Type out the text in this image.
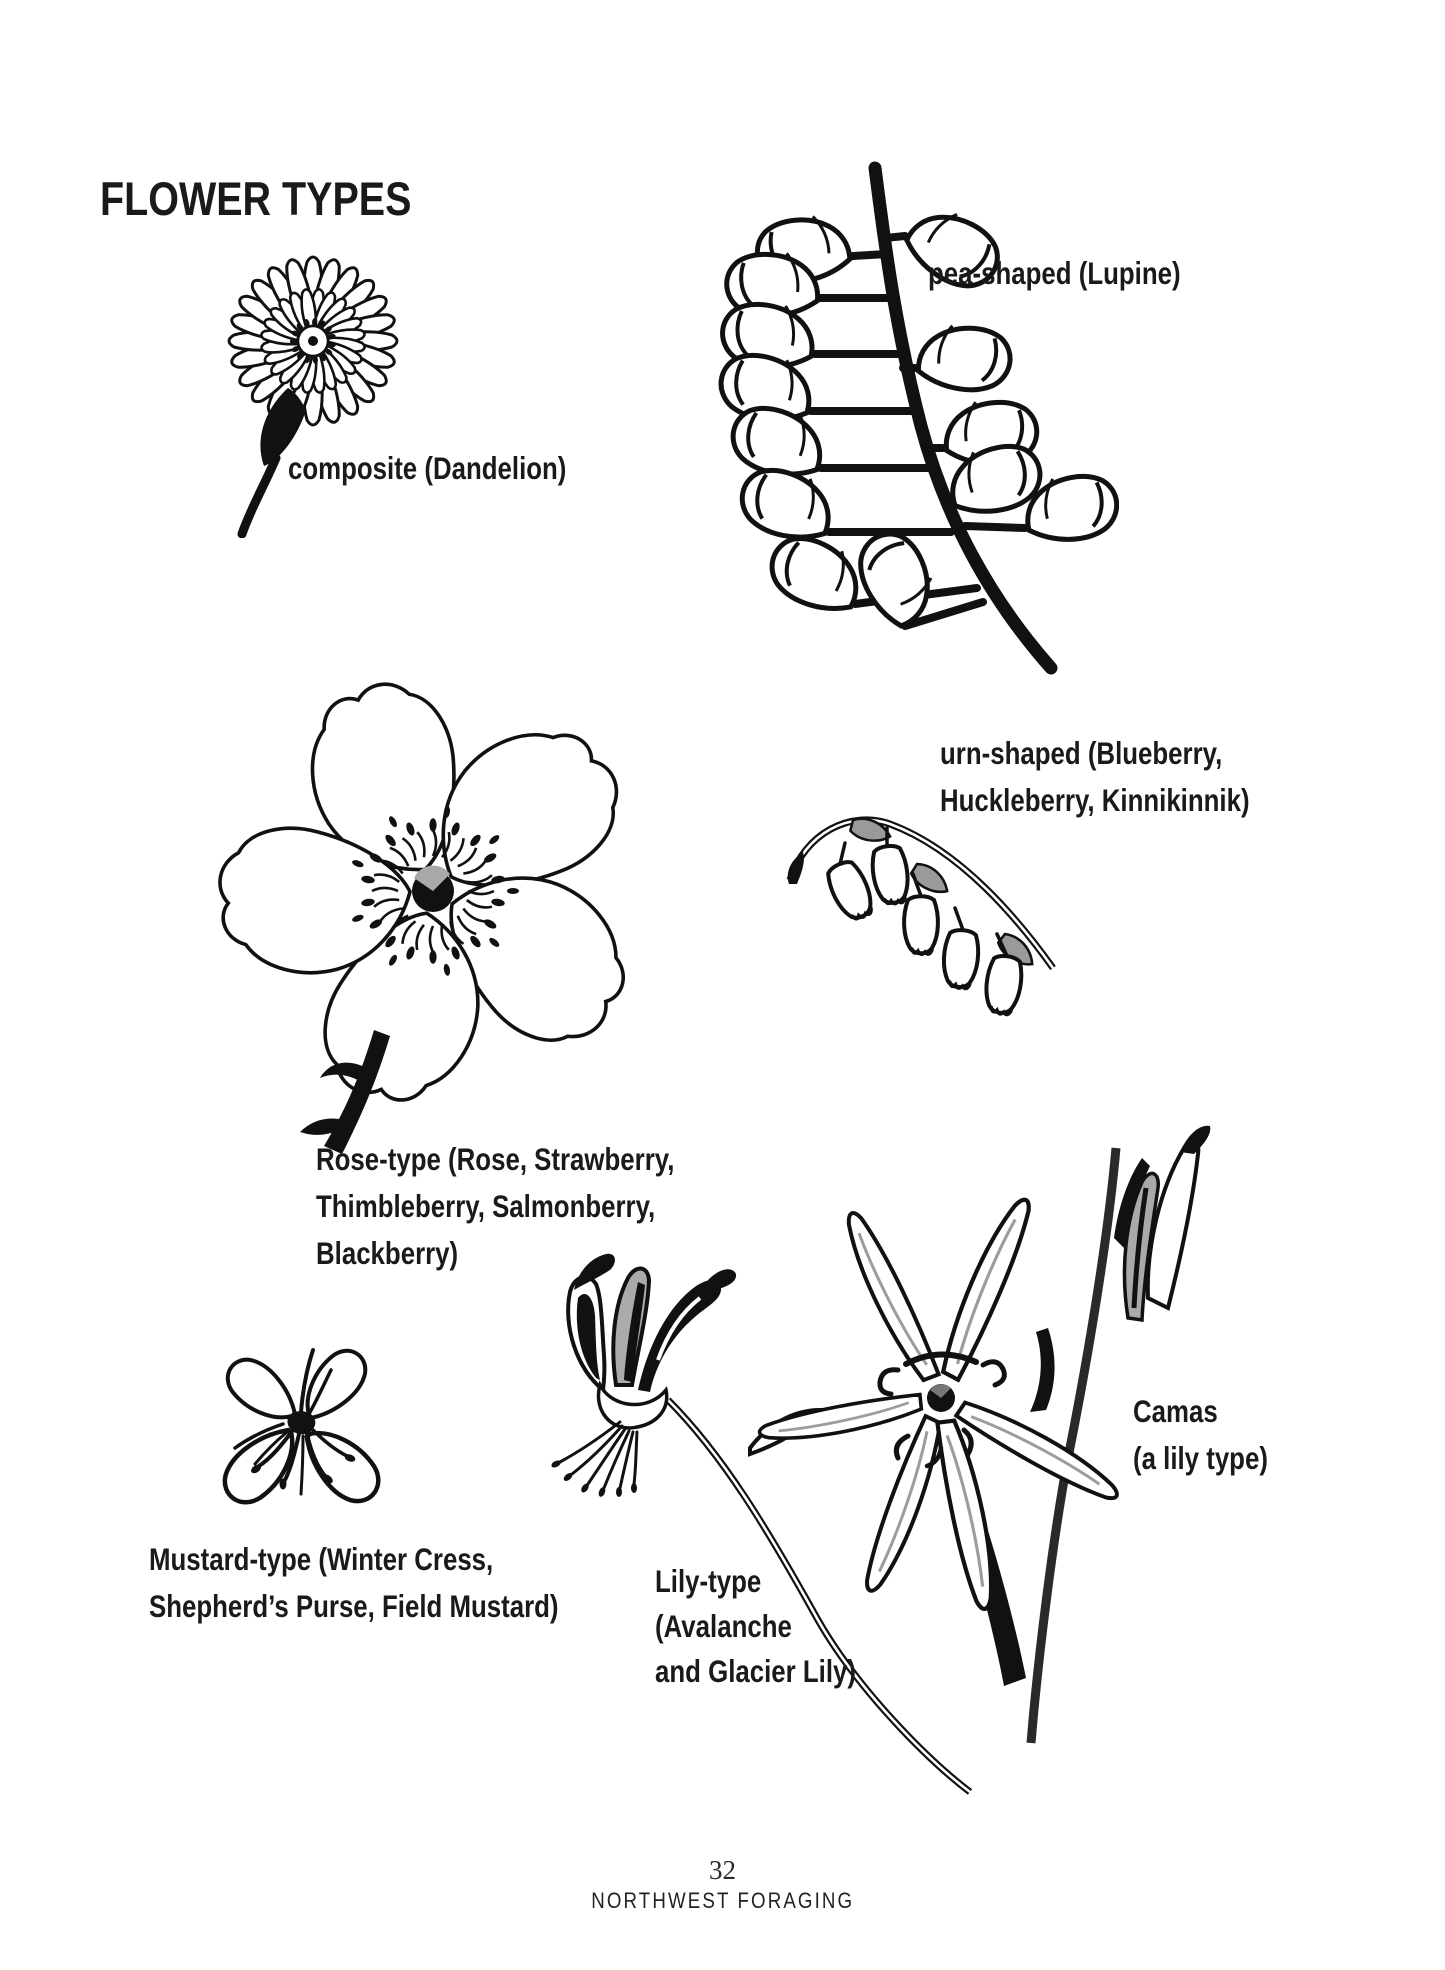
FLOWER TYPES
composite (Dandelion)
pea-shaped (Lupine)
urn-shaped (Blueberry,
Huckleberry, Kinnikinnik)
Rose-type (Rose, Strawberry,
Thimbleberry, Salmonberry,
Blackberry)
Mustard-type (Winter Cress,
Shepherd’s Purse, Field Mustard)
Lily-type
(Avalanche
and Glacier Lily)
Camas
(a lily type)
32
NORTHWEST FORAGING
